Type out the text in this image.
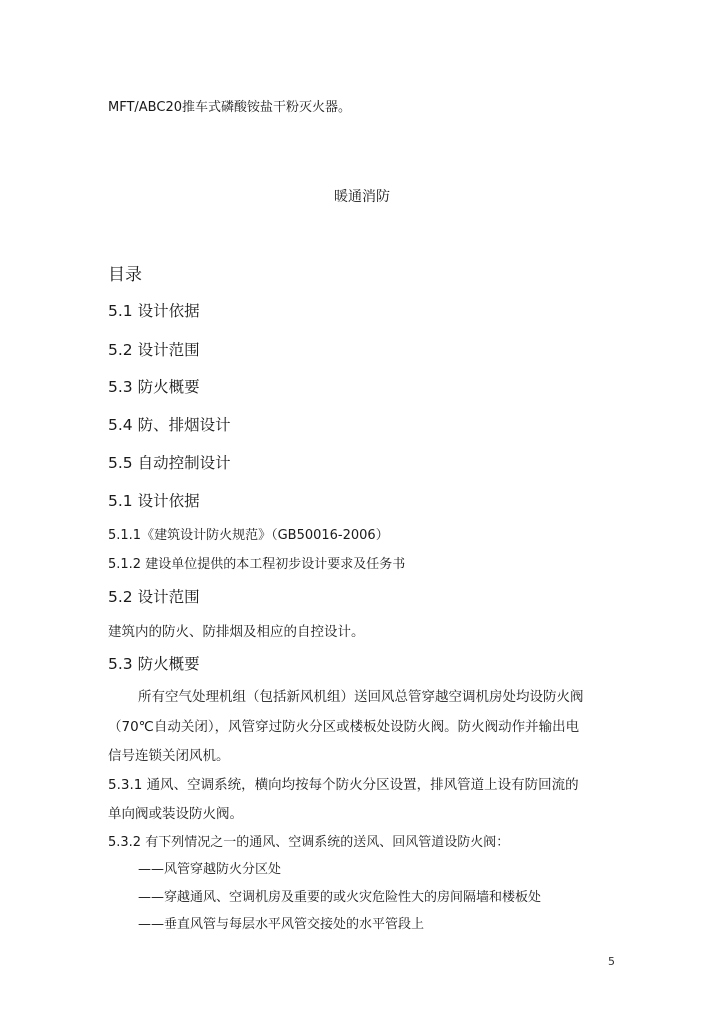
MFT/ABC20推车式磷酸铵盐干粉灭火器。
暖通消防
目录
5.1 设计依据
5.2 设计范围
5.3 防火概要
5.4 防、排烟设计
5.5 自动控制设计
5.1 设计依据
5.1.1《建筑设计防火规范》（GB50016-2006）
5.1.2 建设单位提供的本工程初步设计要求及任务书
5.2 设计范围
建筑内的防火、防排烟及相应的自控设计。
5.3 防火概要
所有空气处理机组（包括新风机组）送回风总管穿越空调机房处均设防火阀
（70℃自动关闭），风管穿过防火分区或楼板处设防火阀。防火阀动作并输出电
信号连锁关闭风机。
5.3.1 通风、空调系统，横向均按每个防火分区设置，排风管道上设有防回流的
单向阀或装设防火阀。
5.3.2 有下列情况之一的通风、空调系统的送风、回风管道设防火阀：
——风管穿越防火分区处
——穿越通风、空调机房及重要的或火灾危险性大的房间隔墙和楼板处
——垂直风管与每层水平风管交接处的水平管段上
5
